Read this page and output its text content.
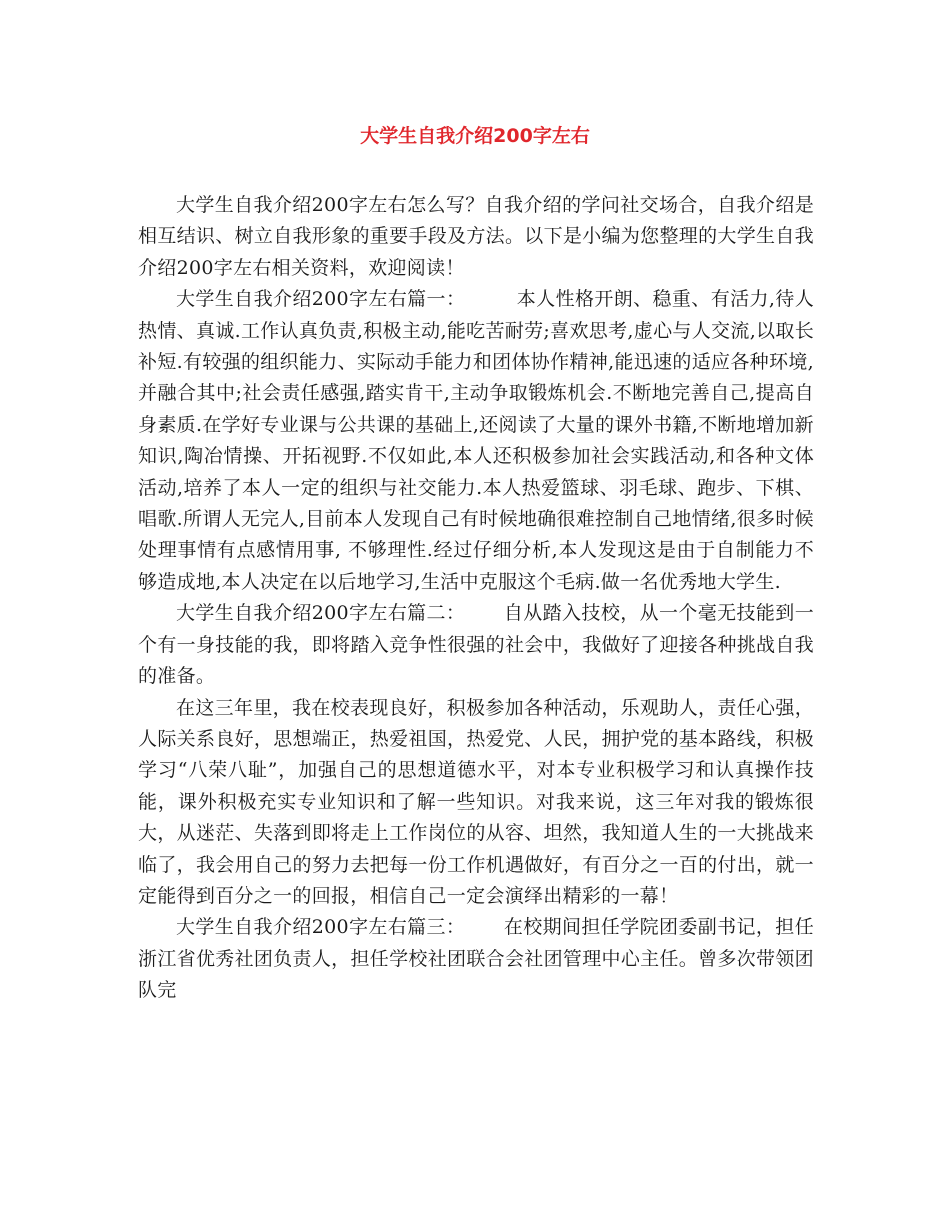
大学生自我介绍200字左右

大学生自我介绍200字左右怎么写？自我介绍的学问社交场合，自我介绍是相互结识、树立自我形象的重要手段及方法。以下是小编为您整理的大学生自我介绍200字左右相关资料，欢迎阅读！

大学生自我介绍200字左右篇一：        本人性格开朗、稳重、有活力,待人热情、真诚.工作认真负责,积极主动,能吃苦耐劳;喜欢思考,虚心与人交流,以取长补短.有较强的组织能力、实际动手能力和团体协作精神,能迅速的适应各种环境,并融合其中;社会责任感强,踏实肯干,主动争取锻炼机会.不断地完善自己,提高自身素质.在学好专业课与公共课的基础上,还阅读了大量的课外书籍,不断地增加新知识,陶冶情操、开拓视野.不仅如此,本人还积极参加社会实践活动,和各种文体活动,培养了本人一定的组织与社交能力.本人热爱篮球、羽毛球、跑步、下棋、唱歌.所谓人无完人,目前本人发现自己有时候地确很难控制自己地情绪,很多时候处理事情有点感情用事, 不够理性.经过仔细分析,本人发现这是由于自制能力不够造成地,本人决定在以后地学习,生活中克服这个毛病.做一名优秀地大学生.

大学生自我介绍200字左右篇二：      自从踏入技校，从一个毫无技能到一个有一身技能的我，即将踏入竞争性很强的社会中，我做好了迎接各种挑战自我的准备。

在这三年里，我在校表现良好，积极参加各种活动，乐观助人，责任心强，人际关系良好，思想端正，热爱祖国，热爱党、人民，拥护党的基本路线，积极学习“八荣八耻”，加强自己的思想道德水平，对本专业积极学习和认真操作技能，课外积极充实专业知识和了解一些知识。对我来说，这三年对我的锻炼很大，从迷茫、失落到即将走上工作岗位的从容、坦然，我知道人生的一大挑战来临了，我会用自己的努力去把每一份工作机遇做好，有百分之一百的付出，就一定能得到百分之一的回报，相信自己一定会演绎出精彩的一幕！

大学生自我介绍200字左右篇三：      在校期间担任学院团委副书记，担任浙江省优秀社团负责人，担任学校社团联合会社团管理中心主任。曾多次带领团队完
